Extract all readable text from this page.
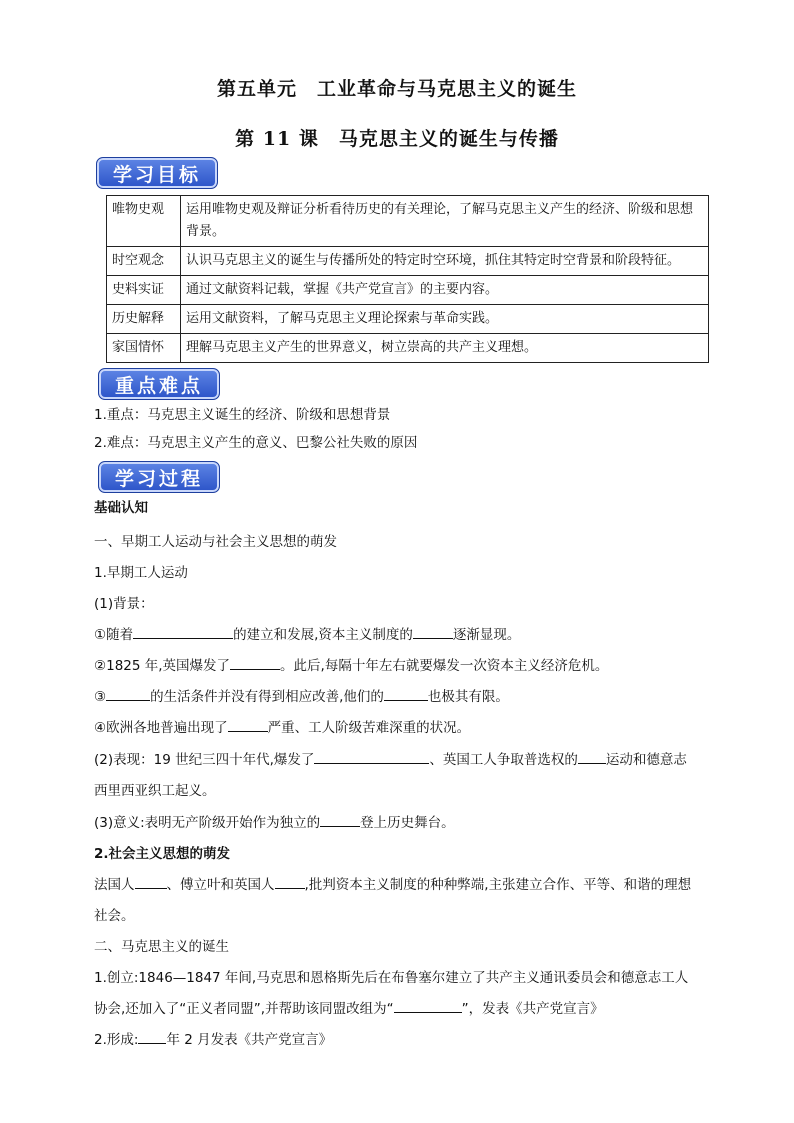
第五单元　工业革命与马克思主义的诞生
第 11 课　马克思主义的诞生与传播
学习目标
唯物史观	运用唯物史观及辩证分析看待历史的有关理论，了解马克思主义产生的经济、阶级和思想背景。
时空观念	认识马克思主义的诞生与传播所处的特定时空环境，抓住其特定时空背景和阶段特征。
史料实证	通过文献资料记载，掌握《共产党宣言》的主要内容。
历史解释	运用文献资料，了解马克思主义理论探索与革命实践。
家国情怀	理解马克思主义产生的世界意义，树立崇高的共产主义理想。
重点难点
1.重点：马克思主义诞生的经济、阶级和思想背景
2.难点：马克思主义产生的意义、巴黎公社失败的原因
学习过程
基础认知
一、早期工人运动与社会主义思想的萌发
1.早期工人运动
(1)背景：
①随着	的建立和发展,资本主义制度的	逐渐显现。
②1825 年,英国爆发了	。此后,每隔十年左右就要爆发一次资本主义经济危机。
③	的生活条件并没有得到相应改善,他们的	也极其有限。
④欧洲各地普遍出现了	严重、工人阶级苦难深重的状况。
(2)表现：19 世纪三四十年代,爆发了	、英国工人争取普选权的 运动和德意志
西里西亚织工起义。
(3)意义:表明无产阶级开始作为独立的	登上历史舞台。
2.社会主义思想的萌发
法国人 、傅立叶和英国人 ,批判资本主义制度的种种弊端,主张建立合作、平等、和谐的理想
社会。
二、马克思主义的诞生
1.创立:1846—1847 年间,马克思和恩格斯先后在布鲁塞尔建立了共产主义通讯委员会和德意志工人
协会,还加入了“正义者同盟”,并帮助该同盟改组为“	”，发表《共产党宣言》
2.形成: 年 2 月发表《共产党宣言》
